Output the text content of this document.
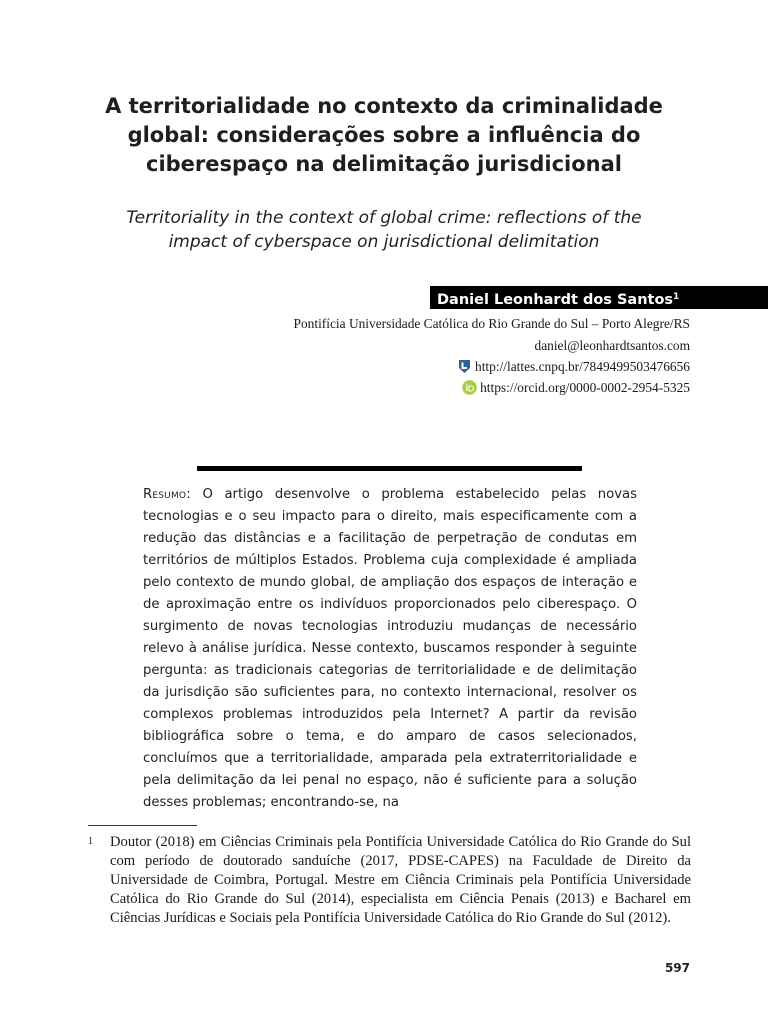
A territorialidade no contexto da criminalidade global: considerações sobre a influência do ciberespaço na delimitação jurisdicional
Territoriality in the context of global crime: reflections of the impact of cyberspace on jurisdictional delimitation
Daniel Leonhardt dos Santos$^1$
Pontifícia Universidade Católica do Rio Grande do Sul – Porto Alegre/RS
daniel@leonhardtsantos.com
http://lattes.cnpq.br/7849499503476656
https://orcid.org/0000-0002-2954-5325

Resumo: O artigo desenvolve o problema estabelecido pelas novas tecnologias e o seu impacto para o direito, mais especificamente com a redução das distâncias e a facilitação de perpetração de condutas em territórios de múltiplos Estados. Problema cuja complexidade é ampliada pelo contexto de mundo global, de ampliação dos espaços de interação e de aproximação entre os indivíduos proporcionados pelo ciberespaço. O surgimento de novas tecnologias introduziu mudanças de necessário relevo à análise jurídica. Nesse contexto, buscamos responder à seguinte pergunta: as tradicionais categorias de territorialidade e de delimitação da jurisdição são suficientes para, no contexto internacional, resolver os complexos problemas introduzidos pela Internet? A partir da revisão bibliográfica sobre o tema, e do amparo de casos selecionados, concluímos que a territorialidade, amparada pela extraterritorialidade e pela delimitação da lei penal no espaço, não é suficiente para a solução desses problemas; encontrando-se, na

1 Doutor (2018) em Ciências Criminais pela Pontifícia Universidade Católica do Rio Grande do Sul com período de doutorado sanduíche (2017, PDSE-CAPES) na Faculdade de Direito da Universidade de Coimbra, Portugal. Mestre em Ciência Criminais pela Pontifícia Universidade Católica do Rio Grande do Sul (2014), especialista em Ciência Penais (2013) e Bacharel em Ciências Jurídicas e Sociais pela Pontifícia Universidade Católica do Rio Grande do Sul (2012).

597
